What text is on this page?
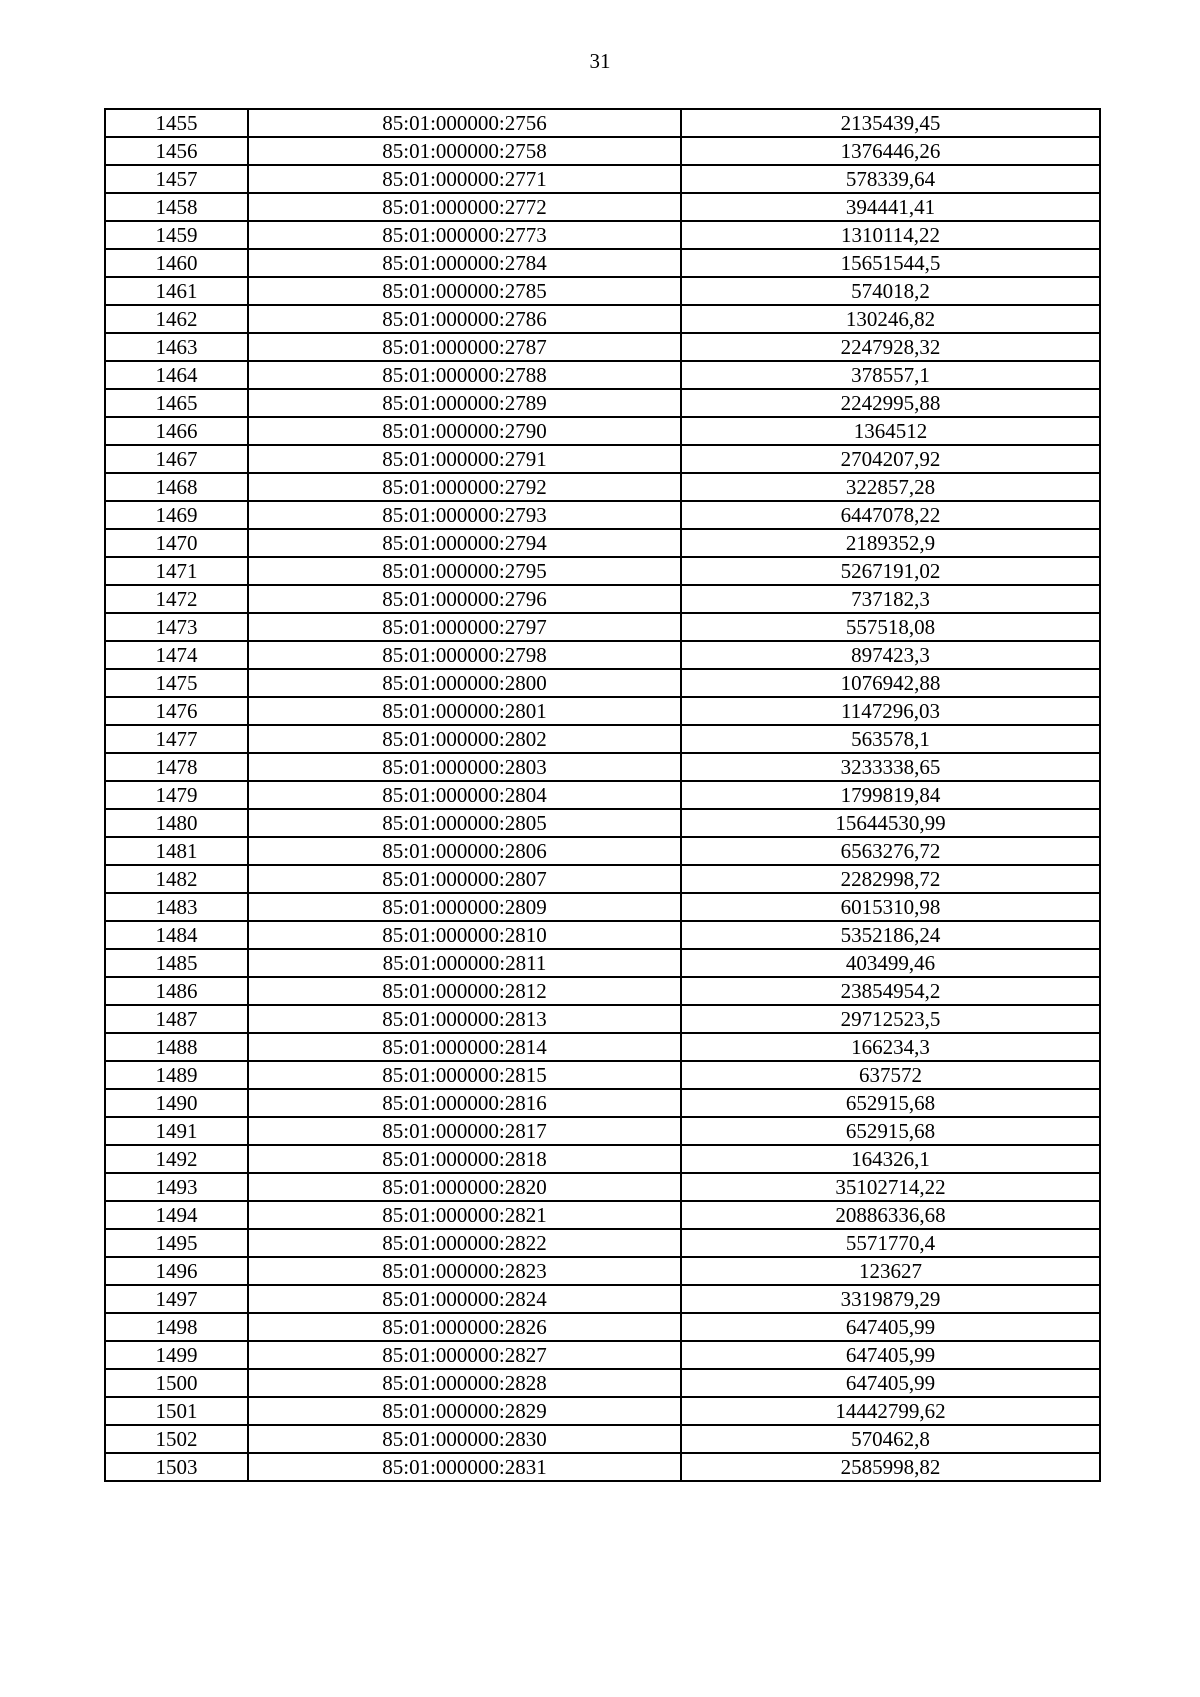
31
1455	85:01:000000:2756	2135439,45
1456	85:01:000000:2758	1376446,26
1457	85:01:000000:2771	578339,64
1458	85:01:000000:2772	394441,41
1459	85:01:000000:2773	1310114,22
1460	85:01:000000:2784	15651544,5
1461	85:01:000000:2785	574018,2
1462	85:01:000000:2786	130246,82
1463	85:01:000000:2787	2247928,32
1464	85:01:000000:2788	378557,1
1465	85:01:000000:2789	2242995,88
1466	85:01:000000:2790	1364512
1467	85:01:000000:2791	2704207,92
1468	85:01:000000:2792	322857,28
1469	85:01:000000:2793	6447078,22
1470	85:01:000000:2794	2189352,9
1471	85:01:000000:2795	5267191,02
1472	85:01:000000:2796	737182,3
1473	85:01:000000:2797	557518,08
1474	85:01:000000:2798	897423,3
1475	85:01:000000:2800	1076942,88
1476	85:01:000000:2801	1147296,03
1477	85:01:000000:2802	563578,1
1478	85:01:000000:2803	3233338,65
1479	85:01:000000:2804	1799819,84
1480	85:01:000000:2805	15644530,99
1481	85:01:000000:2806	6563276,72
1482	85:01:000000:2807	2282998,72
1483	85:01:000000:2809	6015310,98
1484	85:01:000000:2810	5352186,24
1485	85:01:000000:2811	403499,46
1486	85:01:000000:2812	23854954,2
1487	85:01:000000:2813	29712523,5
1488	85:01:000000:2814	166234,3
1489	85:01:000000:2815	637572
1490	85:01:000000:2816	652915,68
1491	85:01:000000:2817	652915,68
1492	85:01:000000:2818	164326,1
1493	85:01:000000:2820	35102714,22
1494	85:01:000000:2821	20886336,68
1495	85:01:000000:2822	5571770,4
1496	85:01:000000:2823	123627
1497	85:01:000000:2824	3319879,29
1498	85:01:000000:2826	647405,99
1499	85:01:000000:2827	647405,99
1500	85:01:000000:2828	647405,99
1501	85:01:000000:2829	14442799,62
1502	85:01:000000:2830	570462,8
1503	85:01:000000:2831	2585998,82
